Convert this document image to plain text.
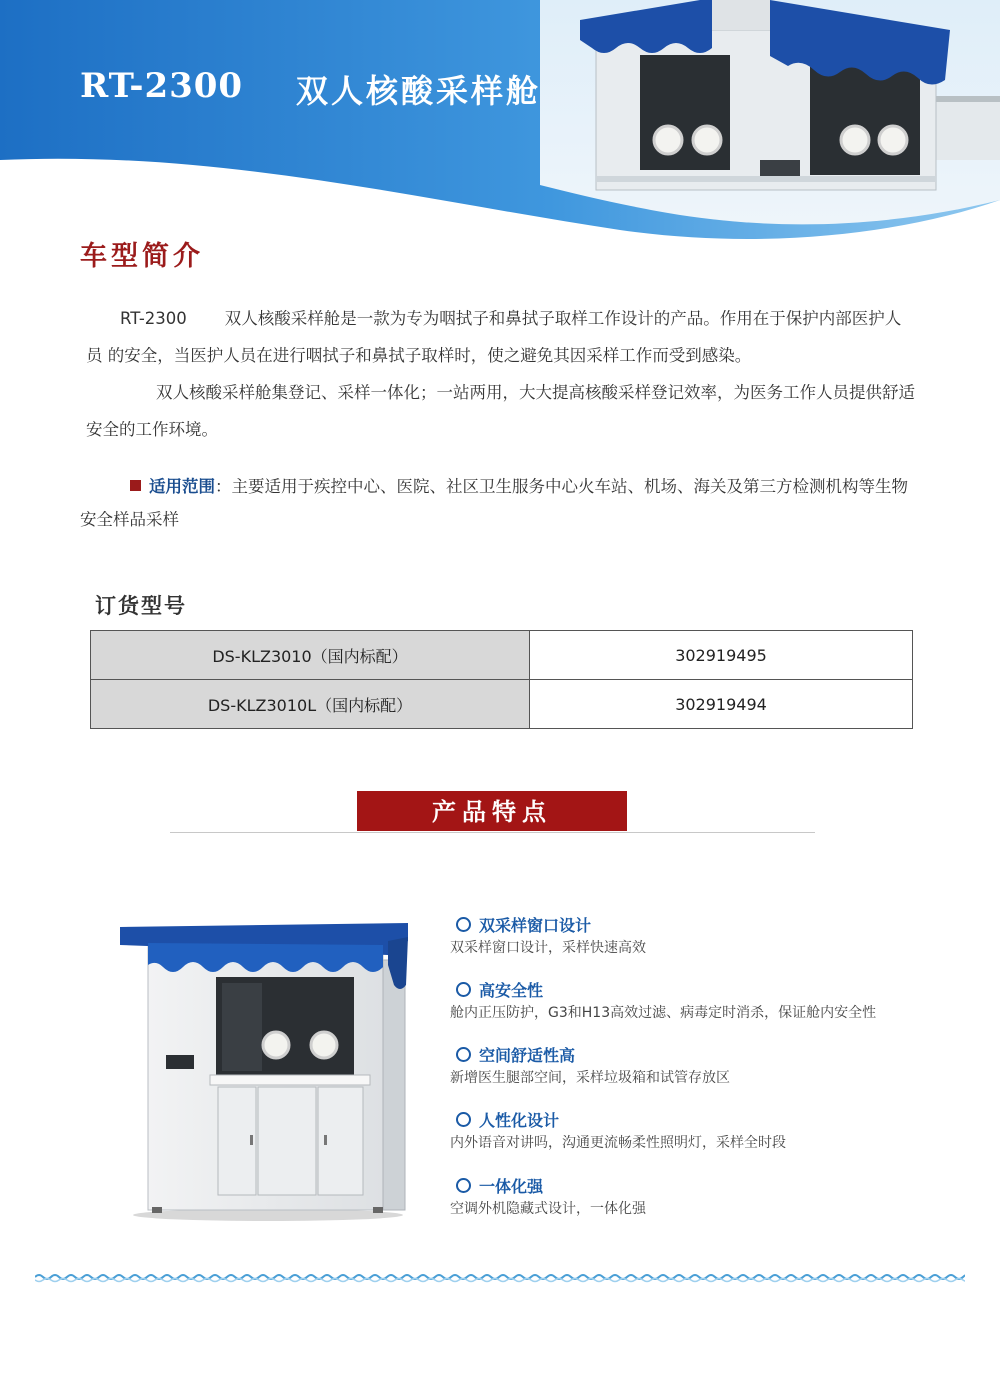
RT-2300 双人核酸采样舱
车型简介
RT-2300 双人核酸采样舱是一款为专为咽拭子和鼻拭子取样工作设计的产品。作用在于保护内部医护人员 的安全，当医护人员在进行咽拭子和鼻拭子取样时，使之避免其因采样工作而受到感染。
双人核酸采样舱集登记、采样一体化；一站两用，大大提高核酸采样登记效率，为医务工作人员提供舒适安全的工作环境。
适用范围：主要适用于疾控中心、医院、社区卫生服务中心火车站、机场、海关及第三方检测机构等生物安全样品采样
订货型号
DS-KLZ3010（国内标配）	302919495
DS-KLZ3010L（国内标配）	302919494
产品特点
双采样窗口设计
双采样窗口设计，采样快速高效
高安全性
舱内正压防护，G3和H13高效过滤、病毒定时消杀，保证舱内安全性
空间舒适性高
新增医生腿部空间，采样垃圾箱和试管存放区
人性化设计
内外语音对讲吗，沟通更流畅柔性照明灯，采样全时段
一体化强
空调外机隐藏式设计，一体化强
